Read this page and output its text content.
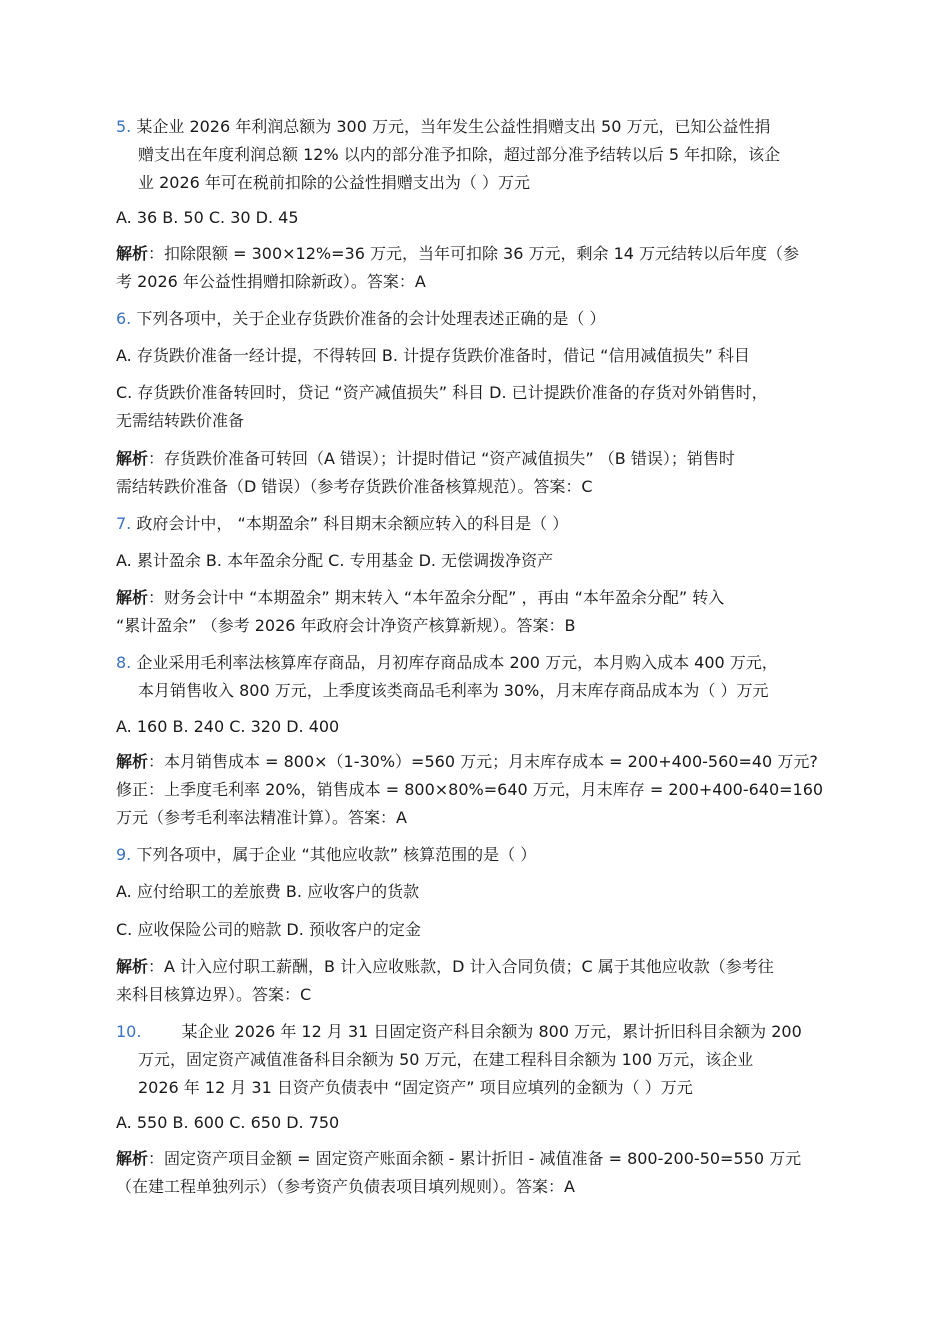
5. 某企业 2026 年利润总额为 300 万元，当年发生公益性捐赠支出 50 万元，已知公益性捐
赠支出在年度利润总额 12% 以内的部分准予扣除，超过部分准予结转以后 5 年扣除，该企
业 2026 年可在税前扣除的公益性捐赠支出为（ ）万元
A. 36 B. 50 C. 30 D. 45
解析：扣除限额 = 300×12%=36 万元，当年可扣除 36 万元，剩余 14 万元结转以后年度（参
考 2026 年公益性捐赠扣除新政）。答案：A
6. 下列各项中，关于企业存货跌价准备的会计处理表述正确的是（ ）
A. 存货跌价准备一经计提，不得转回 B. 计提存货跌价准备时，借记 “信用减值损失” 科目
C. 存货跌价准备转回时，贷记 “资产减值损失” 科目 D. 已计提跌价准备的存货对外销售时，
无需结转跌价准备
解析：存货跌价准备可转回（A 错误）；计提时借记 “资产减值损失” （B 错误）；销售时
需结转跌价准备（D 错误）（参考存货跌价准备核算规范）。答案：C
7. 政府会计中， “本期盈余” 科目期末余额应转入的科目是（ ）
A. 累计盈余 B. 本年盈余分配 C. 专用基金 D. 无偿调拨净资产
解析：财务会计中 “本期盈余” 期末转入 “本年盈余分配” ，再由 “本年盈余分配” 转入
“累计盈余” （参考 2026 年政府会计净资产核算新规）。答案：B
8. 企业采用毛利率法核算库存商品，月初库存商品成本 200 万元，本月购入成本 400 万元，
本月销售收入 800 万元，上季度该类商品毛利率为 30%，月末库存商品成本为（ ）万元
A. 160 B. 240 C. 320 D. 400
解析：本月销售成本 = 800×（1-30%）=560 万元；月末库存成本 = 200+400-560=40 万元?
修正：上季度毛利率 20%，销售成本 = 800×80%=640 万元，月末库存 = 200+400-640=160
万元（参考毛利率法精准计算）。答案：A
9. 下列各项中，属于企业 “其他应收款” 核算范围的是（ ）
A. 应付给职工的差旅费 B. 应收客户的货款
C. 应收保险公司的赔款 D. 预收客户的定金
解析：A 计入应付职工薪酬，B 计入应收账款，D 计入合同负债；C 属于其他应收款（参考往
来科目核算边界）。答案：C
10.	某企业 2026 年 12 月 31 日固定资产科目余额为 800 万元，累计折旧科目余额为 200
万元，固定资产减值准备科目余额为 50 万元，在建工程科目余额为 100 万元，该企业
2026 年 12 月 31 日资产负债表中 “固定资产” 项目应填列的金额为（ ）万元
A. 550 B. 600 C. 650 D. 750
解析：固定资产项目金额 = 固定资产账面余额 - 累计折旧 - 减值准备 = 800-200-50=550 万元
（在建工程单独列示）（参考资产负债表项目填列规则）。答案：A
